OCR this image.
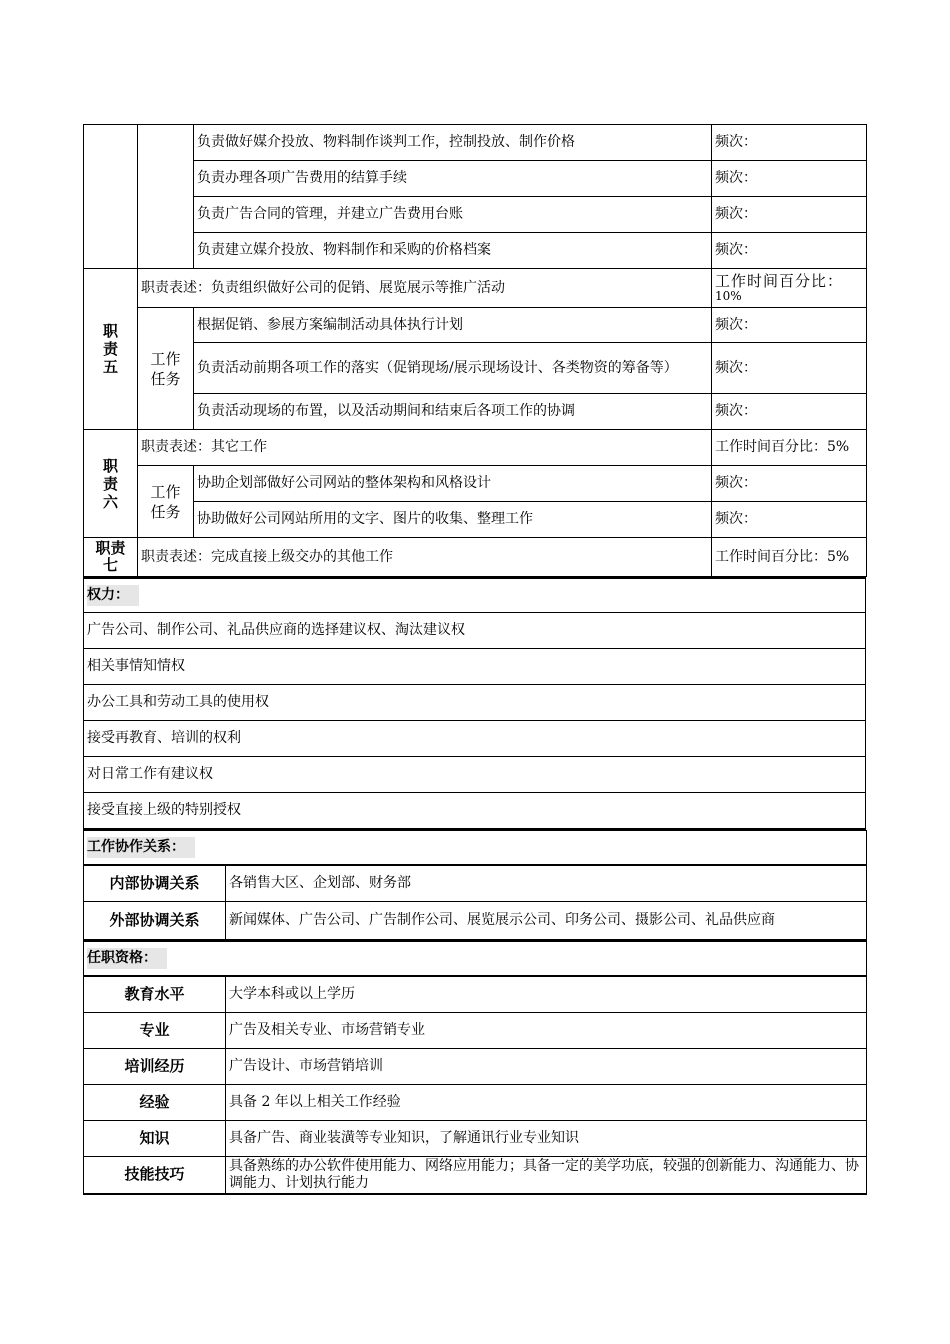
		负责做好媒介投放、物料制作谈判工作，控制投放、制作价格	频次：
		负责办理各项广告费用的结算手续	频次：
		负责广告合同的管理，并建立广告费用台账	频次：
		负责建立媒介投放、物料制作和采购的价格档案	频次：

职责五	职责表述：负责组织做好公司的促销、展览展示等推广活动		工作时间百分比：
10%

	工作任务	根据促销、参展方案编制活动具体执行计划	频次：
		负责活动前期各项工作的落实（促销现场/展示现场设计、各类物资的筹备等）	频次：
		负责活动现场的布置，以及活动期间和结束后各项工作的协调	频次：

职责六	职责表述：其它工作		工作时间百分比：5%

	工作任务	协助企划部做好公司网站的整体架构和风格设计	频次：
		协助做好公司网站所用的文字、图片的收集、整理工作	频次：

职责七	职责表述：完成直接上级交办的其他工作		工作时间百分比：5%
权力：
广告公司、制作公司、礼品供应商的选择建议权、淘汰建议权
相关事情知情权
办公工具和劳动工具的使用权
接受再教育、培训的权利
对日常工作有建议权
接受直接上级的特别授权
工作协作关系：	
内部协调关系	各销售大区、企划部、财务部
外部协调关系	新闻媒体、广告公司、广告制作公司、展览展示公司、印务公司、摄影公司、礼品供应商
任职资格：	
教育水平	大学本科或以上学历
专业	广告及相关专业、市场营销专业
培训经历	广告设计、市场营销培训
经验	具备 2 年以上相关工作经验
知识	具备广告、商业装潢等专业知识，了解通讯行业专业知识
技能技巧	具备熟练的办公软件使用能力、网络应用能力；具备一定的美学功底，较强的创新能力、沟通能力、协调能力、计划执行能力
